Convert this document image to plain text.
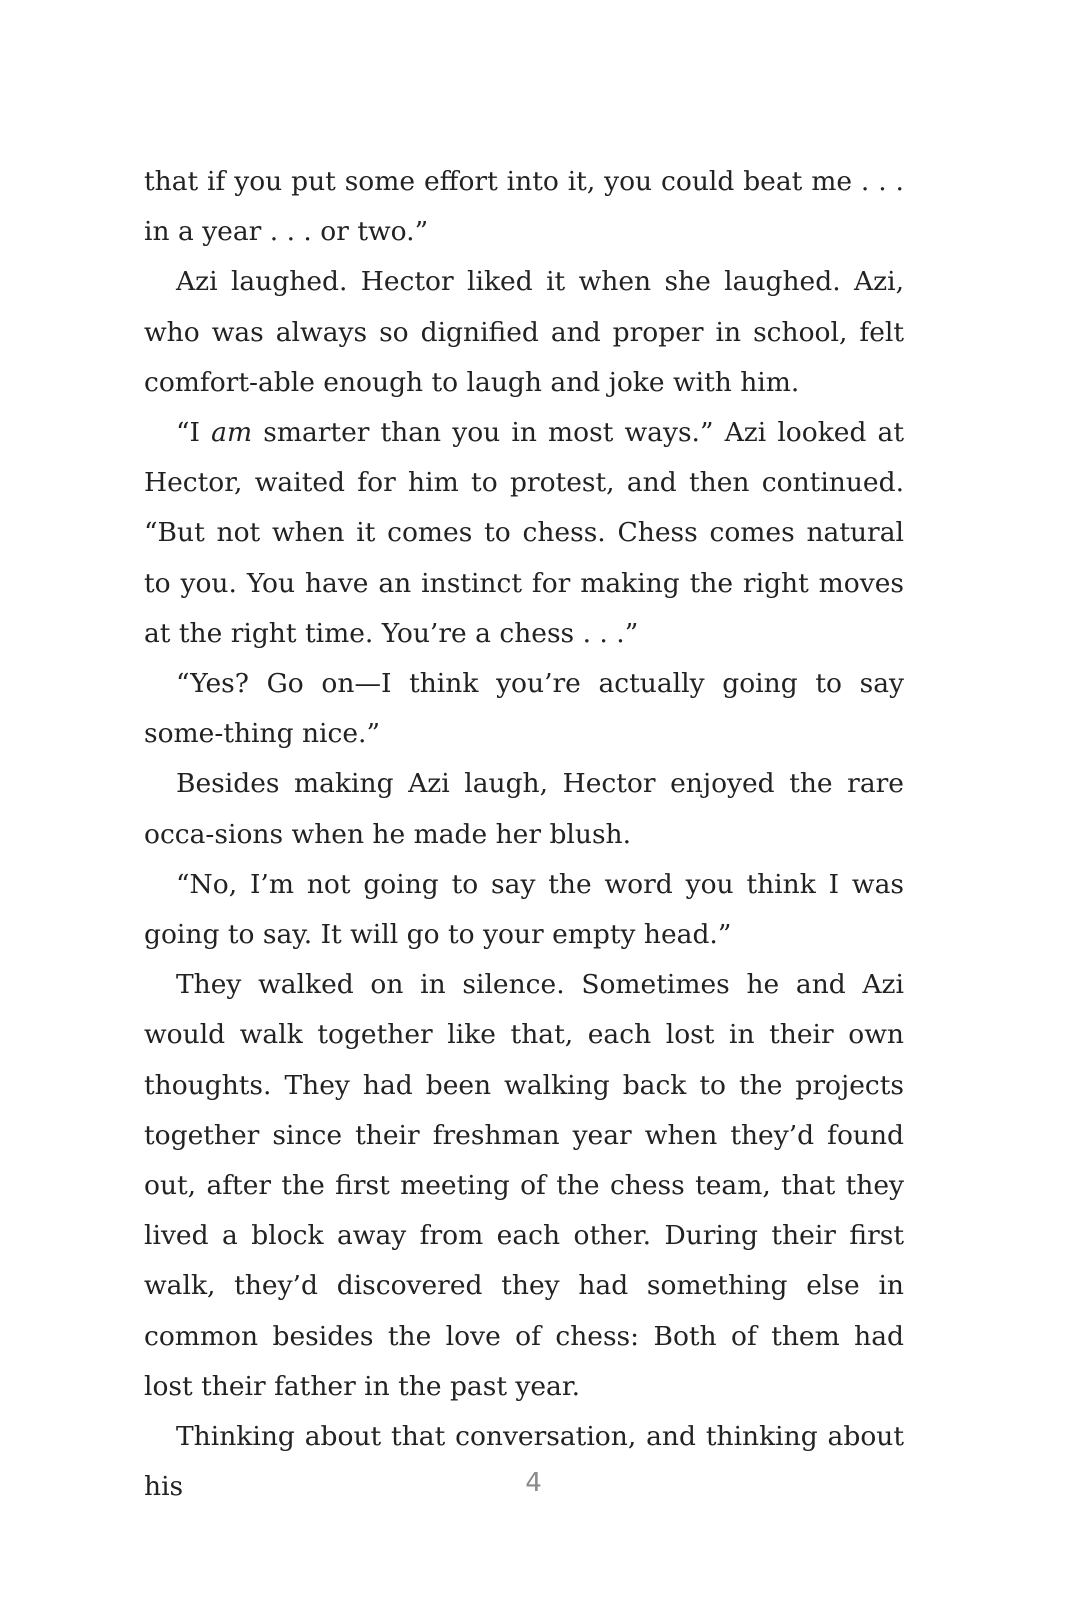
that if you put some effort into it, you could beat me . . . in a year . . . or two.”

Azi laughed. Hector liked it when she laughed. Azi, who was always so dignified and proper in school, felt comfort-able enough to laugh and joke with him.

“I am smarter than you in most ways.” Azi looked at Hector, waited for him to protest, and then continued. “But not when it comes to chess. Chess comes natural to you. You have an instinct for making the right moves at the right time. You’re a chess . . .”

“Yes? Go on—I think you’re actually going to say some-thing nice.”

Besides making Azi laugh, Hector enjoyed the rare occa-sions when he made her blush.

“No, I’m not going to say the word you think I was going to say. It will go to your empty head.”

They walked on in silence. Sometimes he and Azi would walk together like that, each lost in their own thoughts. They had been walking back to the projects together since their freshman year when they’d found out, after the first meeting of the chess team, that they lived a block away from each other. During their first walk, they’d discovered they had something else in common besides the love of chess: Both of them had lost their father in the past year.

Thinking about that conversation, and thinking about his	4
